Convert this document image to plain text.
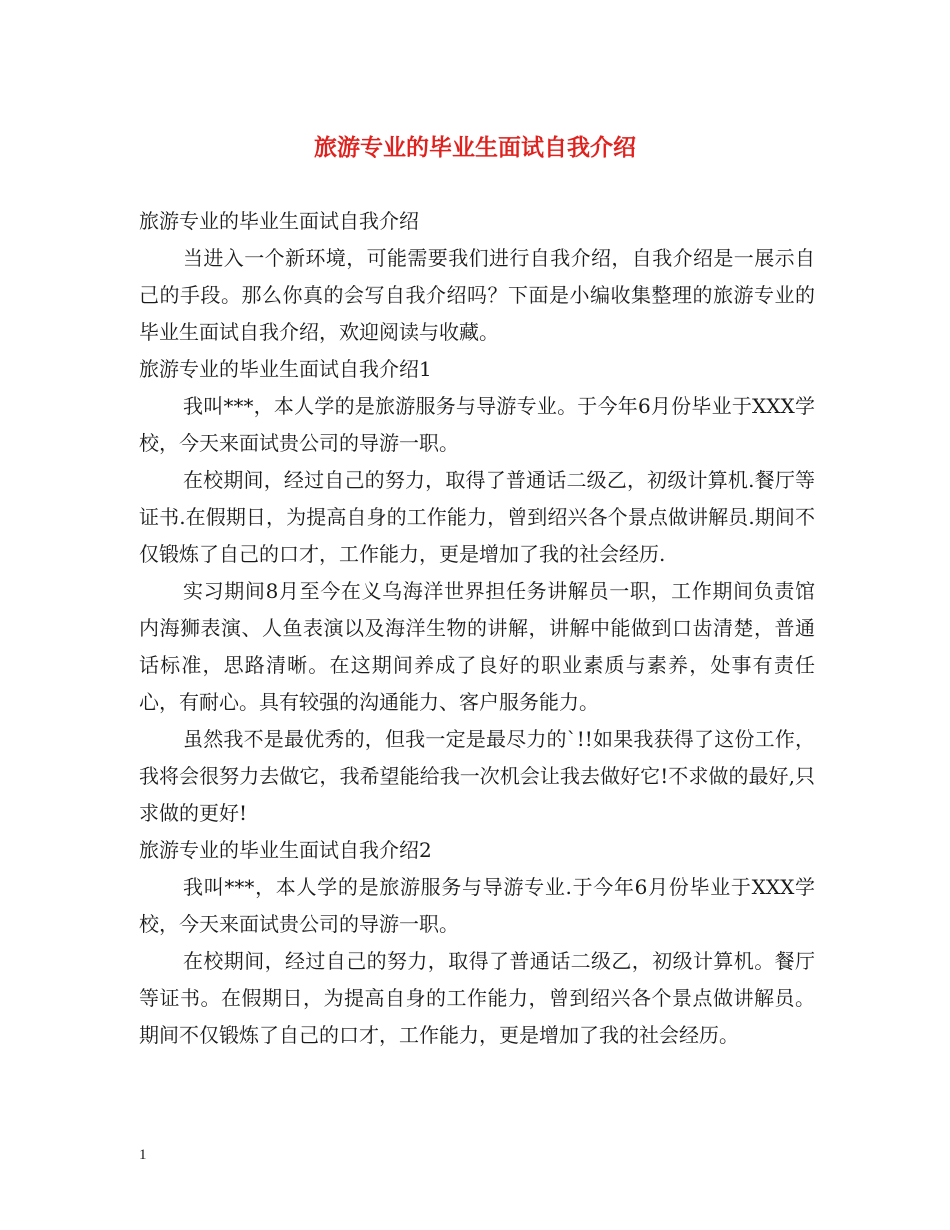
旅游专业的毕业生面试自我介绍

旅游专业的毕业生面试自我介绍

当进入一个新环境，可能需要我们进行自我介绍，自我介绍是一展示自己的手段。那么你真的会写自我介绍吗？下面是小编收集整理的旅游专业的毕业生面试自我介绍，欢迎阅读与收藏。

旅游专业的毕业生面试自我介绍1

我叫***，本人学的是旅游服务与导游专业。于今年6月份毕业于XXX学校，今天来面试贵公司的导游一职。

在校期间，经过自己的努力，取得了普通话二级乙，初级计算机.餐厅等证书.在假期日，为提高自身的工作能力，曾到绍兴各个景点做讲解员.期间不仅锻炼了自己的口才，工作能力，更是增加了我的社会经历.

实习期间8月至今在义乌海洋世界担任务讲解员一职，工作期间负责馆内海狮表演、人鱼表演以及海洋生物的讲解，讲解中能做到口齿清楚，普通话标准，思路清晰。在这期间养成了良好的职业素质与素养，处事有责任心，有耐心。具有较强的沟通能力、客户服务能力。

虽然我不是最优秀的，但我一定是最尽力的`!!如果我获得了这份工作，我将会很努力去做它，我希望能给我一次机会让我去做好它!不求做的最好,只求做的更好!

旅游专业的毕业生面试自我介绍2

我叫***，本人学的是旅游服务与导游专业.于今年6月份毕业于XXX学校，今天来面试贵公司的导游一职。

在校期间，经过自己的努力，取得了普通话二级乙，初级计算机。餐厅等证书。在假期日，为提高自身的工作能力，曾到绍兴各个景点做讲解员。期间不仅锻炼了自己的口才，工作能力，更是增加了我的社会经历。

1
